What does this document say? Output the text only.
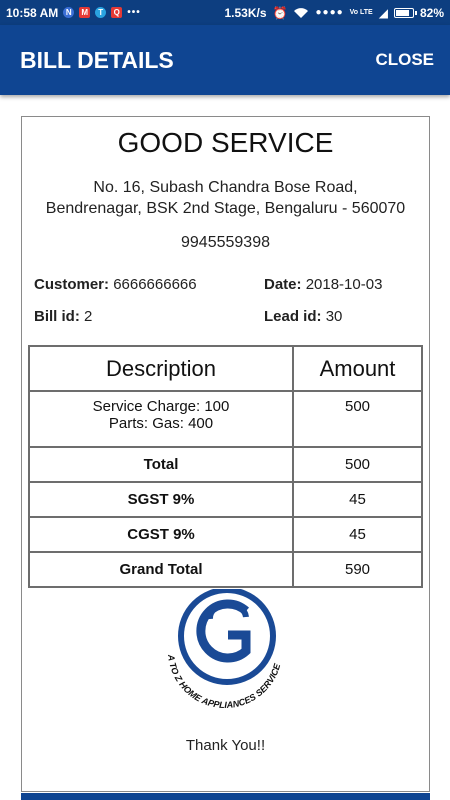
10:58 AM N	M	T	Q •••	1.53K/s ⏰	●●●● Vo LTE ◢	82%
BILL DETAILS	CLOSE
GOOD SERVICE
No. 16, Subash Chandra Bose Road,
Bendrenagar, BSK 2nd Stage, Bengaluru - 560070
9945559398
Customer: 6666666666	Date: 2018-10-03
Bill id: 2	Lead id: 30
Description	Amount

Service Charge: 100
Parts: Gas: 400	500
Total	500
SGST 9%	45
CGST 9%	45
Grand Total	590
A TO Z HOME APPLIANCES SERVICE
Thank You!!
